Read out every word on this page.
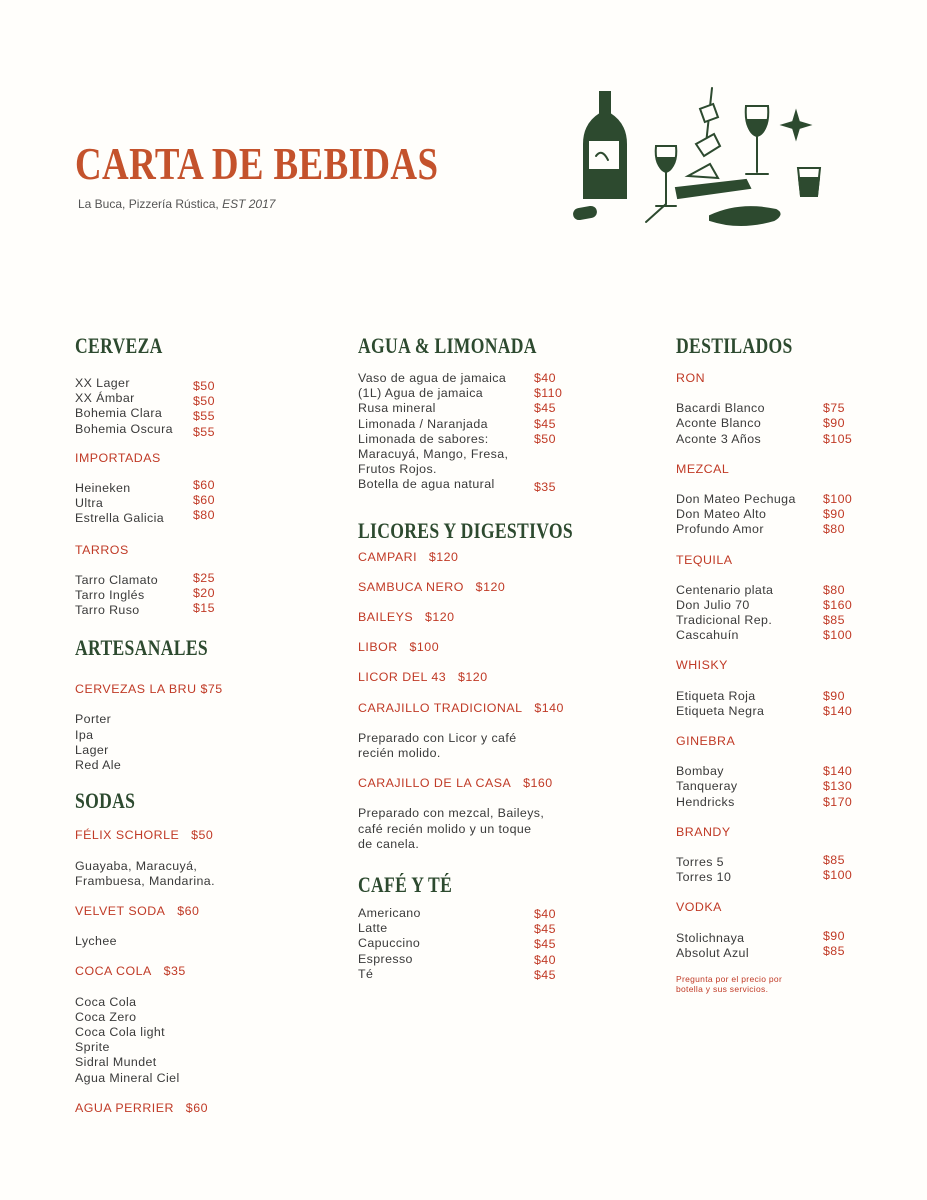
CARTA DE BEBIDAS
La Buca, Pizzería Rústica, EST 2017
CERVEZA
XX Lager	$50
XX Ámbar	$50
Bohemia Clara $55
Bohemia Oscura $55

IMPORTADAS

Heineken	$60
Ultra	$60
Estrella Galicia $80

TARROS

Tarro Clamato	$25
Tarro Inglés	$20
Tarro Ruso	$15
ARTESANALES

CERVEZAS LA BRU $75

Porter

Ipa

Lager

Red Ale

SODAS

FÉLIX SCHORLE $50

Guayaba, Maracuyá,

Frambuesa, Mandarina.

VELVET SODA $60

Lychee

COCA COLA $35

Coca Cola

Coca Zero

Coca Cola light

Sprite

Sidral Mundet

Agua Mineral Ciel

AGUA PERRIER $60

AGUA & LIMONADA
Vaso de agua de jamaica $40
(1L) Agua de jamaica	$110
Rusa mineral	$45
Limonada / Naranjada	$45
Limonada de sabores:	$50

Maracuyá, Mango, Fresa,

Frutos Rojos.

Botella de agua natural	$35
LICORES Y DIGESTIVOS

CAMPARI $120

SAMBUCA NERO $120

BAILEYS $120

LIBOR $100

LICOR DEL 43 $120

CARAJILLO TRADICIONAL $140

Preparado con Licor y café

recién molido.

CARAJILLO DE LA CASA $160

Preparado con mezcal, Baileys,

café recién molido y un toque

de canela.

CAFÉ Y TÉ
Americano	$40
Latte	$45
Capuccino	$45
Espresso	$40
Té	$45
DESTILADOS

RON

Bacardi Blanco	$75
Aconte Blanco	$90
Aconte 3 Años	$105

MEZCAL

Don Mateo Pechuga $100
Don Mateo Alto	$90
Profundo Amor	$80

TEQUILA

Centenario plata	$80
Don Julio 70	$160
Tradicional Rep.	$85
Cascahuín	$100

WHISKY

Etiqueta Roja	$90
Etiqueta Negra	$140

GINEBRA

Bombay	$140
Tanqueray	$130
Hendricks	$170

BRANDY

Torres 5	$85
Torres 10	$100

VODKA

Stolichnaya	$90
Absolut Azul	$85

Pregunta por el precio por

botella y sus servicios.
